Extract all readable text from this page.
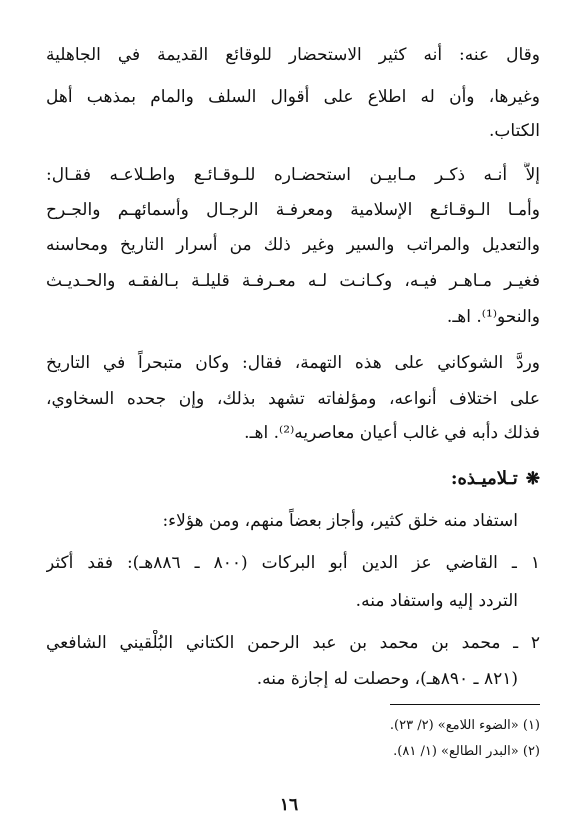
وقال عنه: أنه كثير الاستحضار للوقائع القديمة في الجاهلية
وغيرها، وأن له اطلاع على أقوال السلف والمام بمذهب أهل
الكتاب.
إلاَّ أنـه ذكـر مـابيـن استحضـاره للـوقـائـع واطـلاعـه فقـال:
وأمـا الـوقـائـع الإسلامية ومعرفـة الرجـال وأسمائهـم والجـرح
والتعديل والمراتب والسير وغير ذلك من أسرار التاريخ ومحاسنه
فغيـر مـاهـر فيـه، وكـانـت لـه معـرفـة قليلـة بـالفقـه والحـديـث
والنحو⁽¹⁾. اهـ.
وردَّ الشوكاني على هذه التهمة، فقال: وكان متبحراً في التاريخ
على اختلاف أنواعه، ومؤلفاته تشهد بذلك، وإن جحده السخاوي،
فذلك دأبه في غالب أعيان معاصريه⁽²⁾. اهـ.
❋تـلاميـذه:
استفاد منه خلق كثير، وأجاز بعضاً منهم، ومن هؤلاء:
١ ـ القاضي عز الدين أبو البركات (٨٠٠ ـ ٨٨٦هـ): فقد أكثر
التردد إليه واستفاد منه.
٢ ـ محمد بن محمد بن عبد الرحمن الكتاني البُلْقيني الشافعي
(٨٢١ ـ ٨٩٠هـ)، وحصلت له إجازة منه.
(١) «الضوء اللامع» (٢/ ٢٣).
(٢) «البدر الطالع» (١/ ٨١).
١٦
